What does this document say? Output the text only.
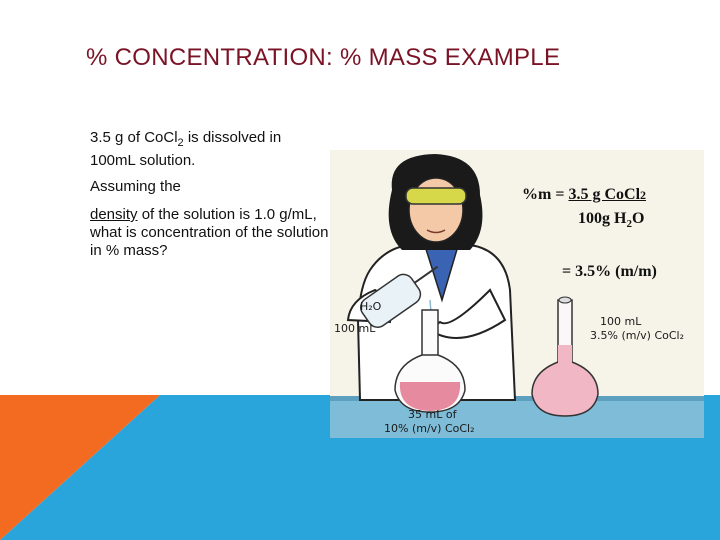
% CONCENTRATION: % MASS EXAMPLE
3.5 g of CoCl$_2$ is dissolved in
100mL solution.
Assuming the
density of the solution is 1.0 g/mL, what is concentration of the solution in % mass?
%m = 3.5 g CoCl2
100g $H_2O$
= 3.5% (m/m)
H₂O
100 mL
35 mL of
10% (m/v) CoCl₂
100 mL
3.5% (m/v) CoCl₂
